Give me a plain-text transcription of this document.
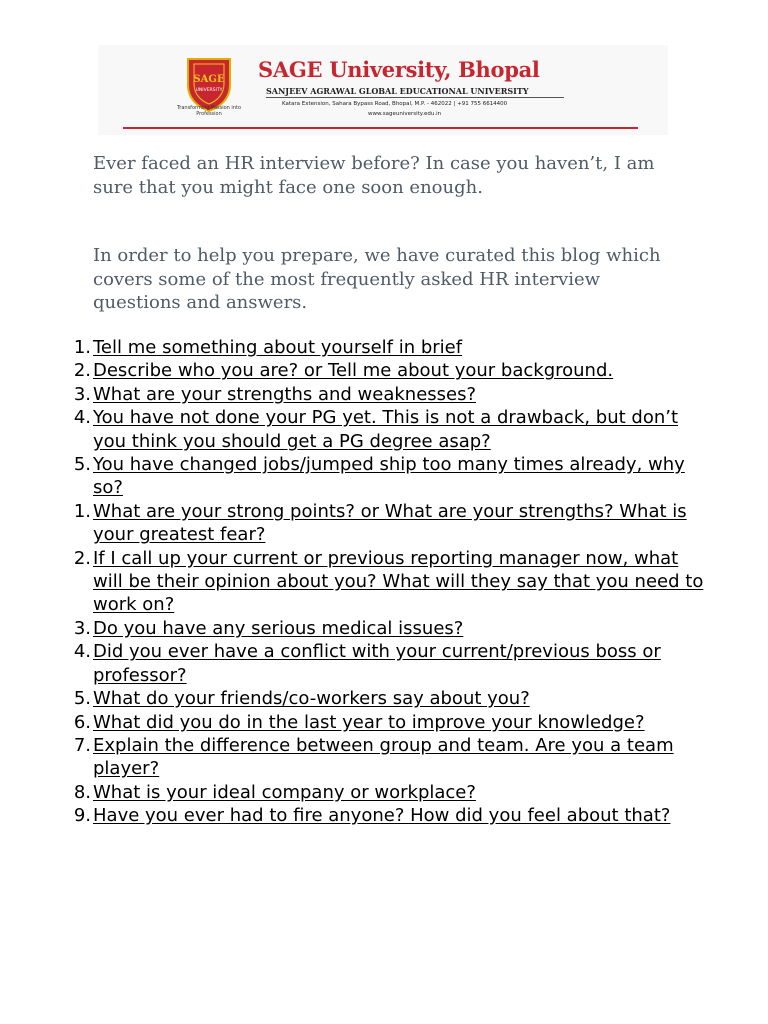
SAGE
UNIVERSITY
Transforming Passion into Profession
SAGE University, Bhopal
SANJEEV AGRAWAL GLOBAL EDUCATIONAL UNIVERSITY
Katara Extension, Sahara Bypass Road, Bhopal, M.P. - 462022 | +91 755 6614400
www.sageuniversity.edu.in

Ever faced an HR interview before? In case you haven’t, I am sure that you might face one soon enough.

In order to help you prepare, we have curated this blog which covers some of the most frequently asked HR interview questions and answers.

1. Tell me something about yourself in brief
2. Describe who you are? or Tell me about your background.
3. What are your strengths and weaknesses?
4. You have not done your PG yet. This is not a drawback, but don’t you think you should get a PG degree asap?
5. You have changed jobs/jumped ship too many times already, why so?
1. What are your strong points? or What are your strengths? What is your greatest fear?
2. If I call up your current or previous reporting manager now, what will be their opinion about you? What will they say that you need to work on?
3. Do you have any serious medical issues?
4. Did you ever have a conflict with your current/previous boss or professor?
5. What do your friends/co-workers say about you?
6. What did you do in the last year to improve your knowledge?
7. Explain the difference between group and team. Are you a team player?
8. What is your ideal company or workplace?
9. Have you ever had to fire anyone? How did you feel about that?
